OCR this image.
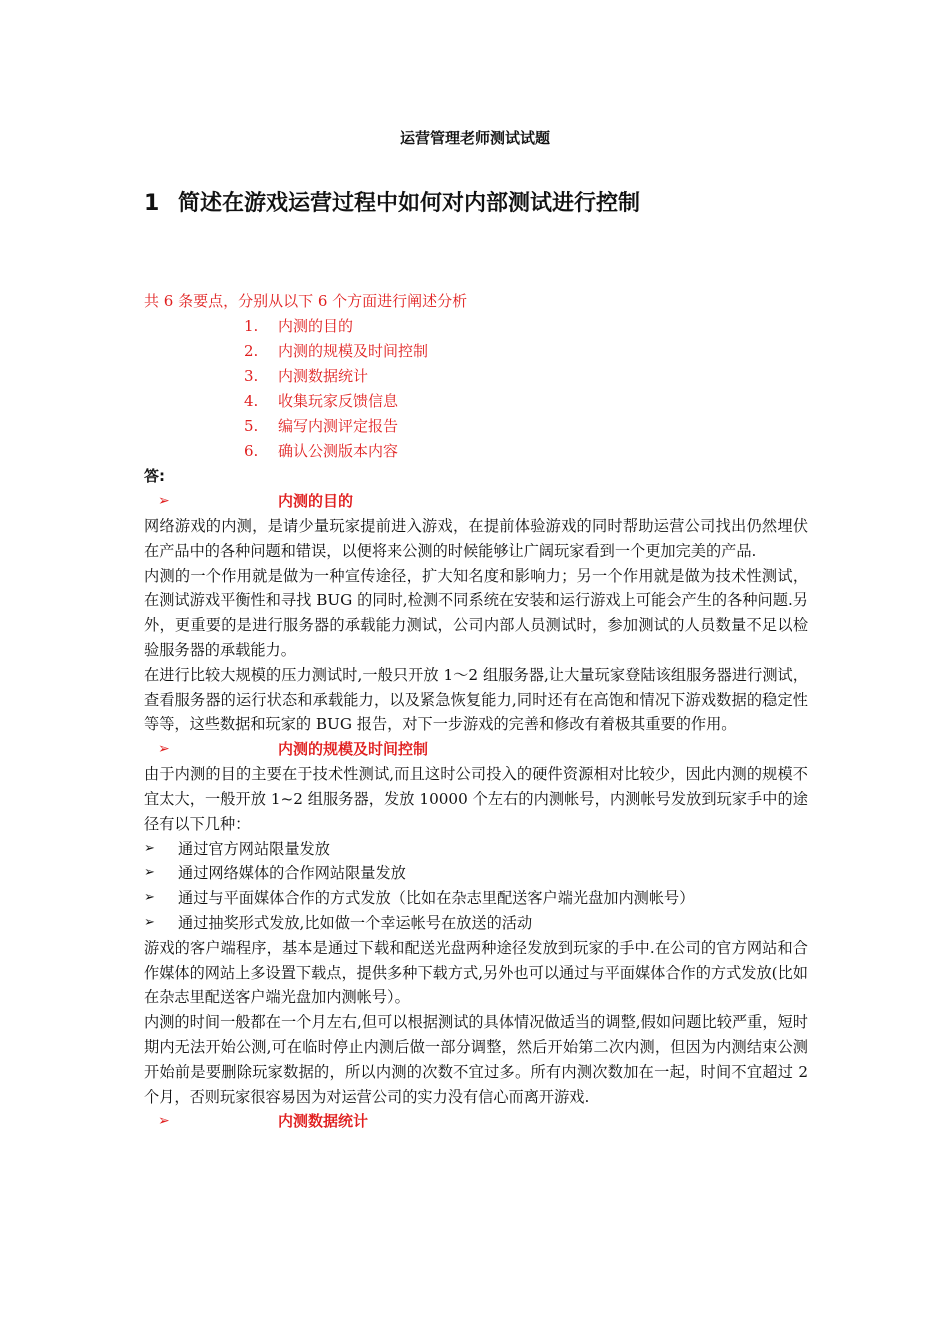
运营管理老师测试试题
1 简述在游戏运营过程中如何对内部测试进行控制
共 6 条要点，分别从以下 6 个方面进行阐述分析
1. 内测的目的
2. 内测的规模及时间控制
3. 内测数据统计
4. 收集玩家反馈信息
5. 编写内测评定报告
6. 确认公测版本内容
答:
➢	内测的目的

网络游戏的内测，是请少量玩家提前进入游戏，在提前体验游戏的同时帮助运营公司找出仍然埋伏在产品中的各种问题和错误，以便将来公测的时候能够让广阔玩家看到一个更加完美的产品.

内测的一个作用就是做为一种宣传途径，扩大知名度和影响力；另一个作用就是做为技术性测试，在测试游戏平衡性和寻找 BUG 的同时,检测不同系统在安装和运行游戏上可能会产生的各种问题.另外，更重要的是进行服务器的承载能力测试，公司内部人员测试时，参加测试的人员数量不足以检验服务器的承载能力。

在进行比较大规模的压力测试时,一般只开放 1～2 组服务器,让大量玩家登陆该组服务器进行测试，查看服务器的运行状态和承载能力，以及紧急恢复能力,同时还有在高饱和情况下游戏数据的稳定性等等，这些数据和玩家的 BUG 报告，对下一步游戏的完善和修改有着极其重要的作用。

➢	内测的规模及时间控制

由于内测的目的主要在于技术性测试,而且这时公司投入的硬件资源相对比较少，因此内测的规模不宜太大，一般开放 1~2 组服务器，发放 10000 个左右的内测帐号，内测帐号发放到玩家手中的途径有以下几种：

➢ 通过官方网站限量发放
➢ 通过网络媒体的合作网站限量发放
➢ 通过与平面媒体合作的方式发放（比如在杂志里配送客户端光盘加内测帐号）
➢ 通过抽奖形式发放,比如做一个幸运帐号在放送的活动

游戏的客户端程序，基本是通过下载和配送光盘两种途径发放到玩家的手中.在公司的官方网站和合作媒体的网站上多设置下载点，提供多种下载方式,另外也可以通过与平面媒体合作的方式发放(比如在杂志里配送客户端光盘加内测帐号）。

内测的时间一般都在一个月左右,但可以根据测试的具体情况做适当的调整,假如问题比较严重，短时期内无法开始公测,可在临时停止内测后做一部分调整，然后开始第二次内测，但因为内测结束公测开始前是要删除玩家数据的，所以内测的次数不宜过多。所有内测次数加在一起，时间不宜超过 2 个月，否则玩家很容易因为对运营公司的实力没有信心而离开游戏.

➢	内测数据统计
